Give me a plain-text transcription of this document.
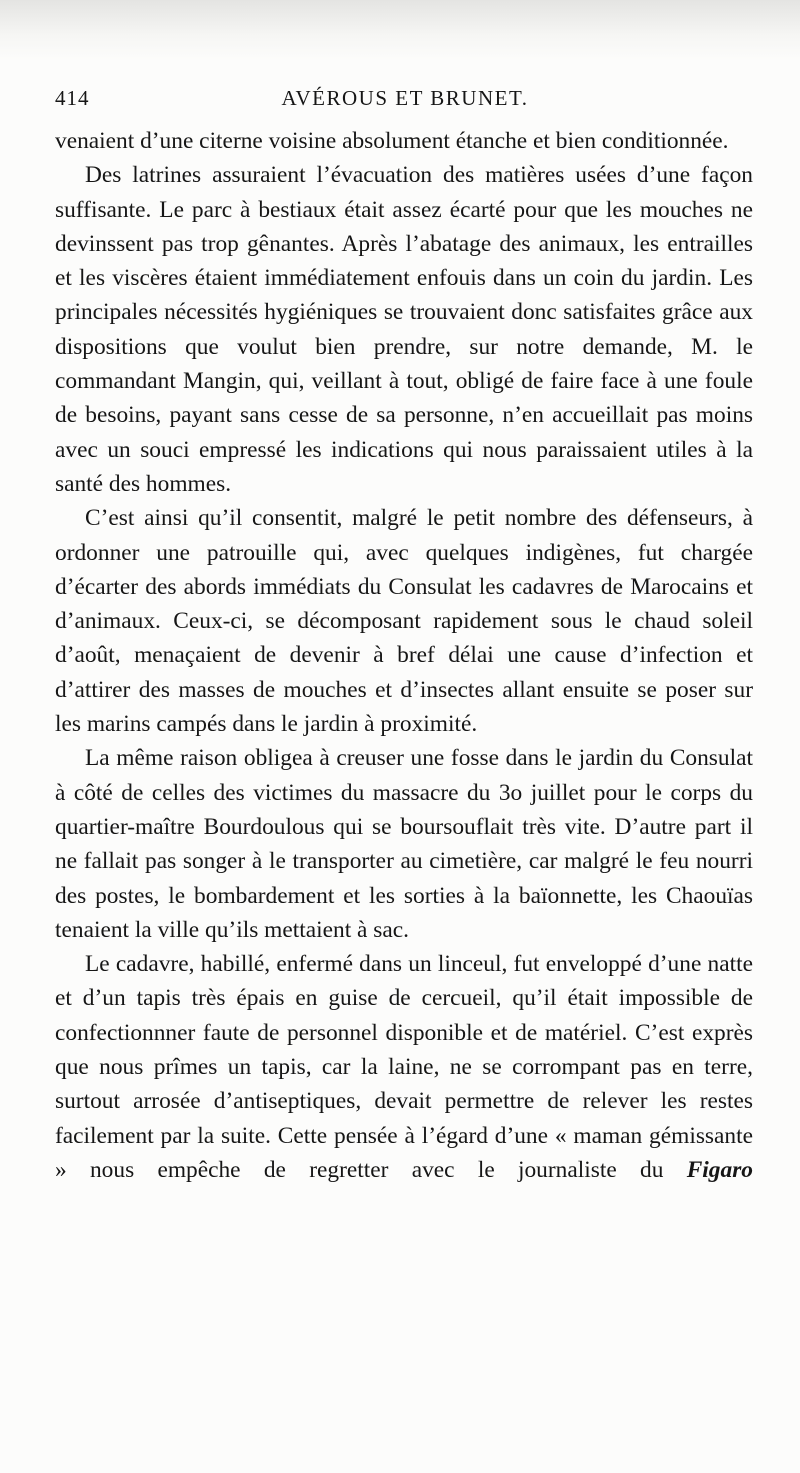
414	AVÉROUS ET BRUNET.

venaient d’une citerne voisine absolument étanche et bien conditionnée.

Des latrines assuraient l’évacuation des matières usées d’une façon suffisante. Le parc à bestiaux était assez écarté pour que les mouches ne devinssent pas trop gênantes. Après l’abatage des animaux, les entrailles et les viscères étaient immédiatement enfouis dans un coin du jardin. Les principales nécessités hygiéniques se trouvaient donc satisfaites grâce aux dispositions que voulut bien prendre, sur notre demande, M. le commandant Mangin, qui, veillant à tout, obligé de faire face à une foule de besoins, payant sans cesse de sa personne, n’en accueillait pas moins avec un souci empressé les indications qui nous paraissaient utiles à la santé des hommes.

C’est ainsi qu’il consentit, malgré le petit nombre des défenseurs, à ordonner une patrouille qui, avec quelques indigènes, fut chargée d’écarter des abords immédiats du Consulat les cadavres de Marocains et d’animaux. Ceux-ci, se décomposant rapidement sous le chaud soleil d’août, menaçaient de devenir à bref délai une cause d’infection et d’attirer des masses de mouches et d’insectes allant ensuite se poser sur les marins campés dans le jardin à proximité.

La même raison obligea à creuser une fosse dans le jardin du Consulat à côté de celles des victimes du massacre du 3o juillet pour le corps du quartier-maître Bourdoulous qui se boursouflait très vite. D’autre part il ne fallait pas songer à le transporter au cimetière, car malgré le feu nourri des postes, le bombardement et les sorties à la baïonnette, les Chaouïas tenaient la ville qu’ils mettaient à sac.

Le cadavre, habillé, enfermé dans un linceul, fut enveloppé d’une natte et d’un tapis très épais en guise de cercueil, qu’il était impossible de confectionnner faute de personnel disponible et de matériel. C’est exprès que nous prîmes un tapis, car la laine, ne se corrompant pas en terre, surtout arrosée d’antiseptiques, devait permettre de relever les restes facilement par la suite. Cette pensée à l’égard d’une « maman gémissante » nous empêche de regretter avec le journaliste du Figaro
